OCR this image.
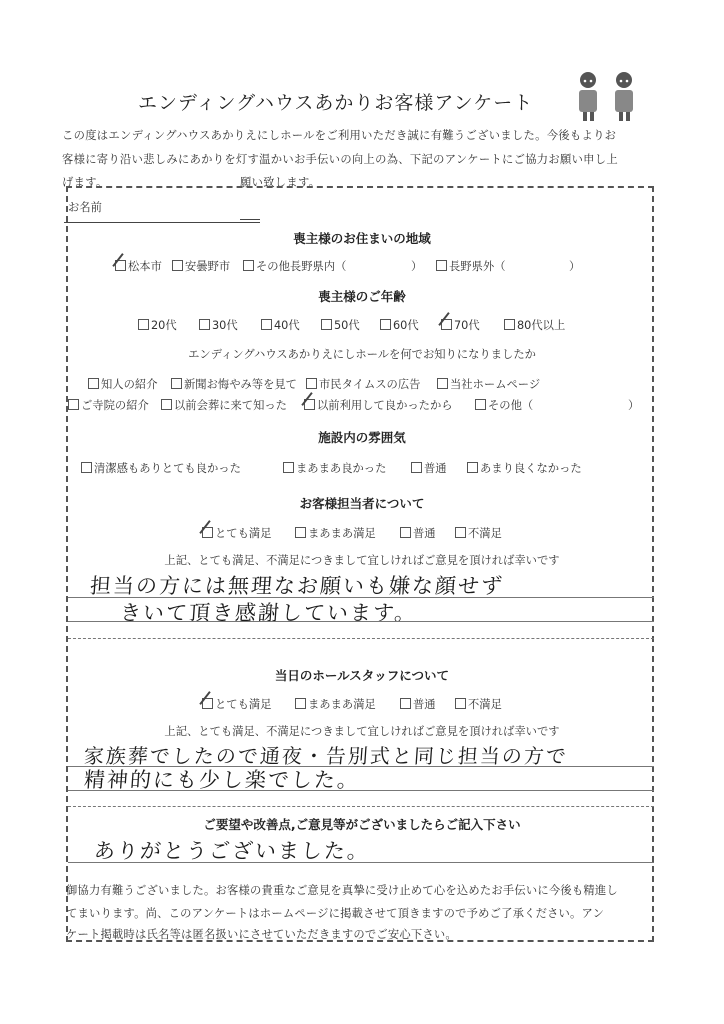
エンディングハウスあかりお客様アンケート
この度はエンディングハウスあかりえにしホールをご利用いただき誠に有難うございました。今後もよりお
客様に寄り沿い悲しみにあかりを灯す温かいお手伝いの向上の為、下記のアンケートにご協力お願い申し上
げます。	願い致します。
お名前
喪主様のお住まいの地域
松本市	安曇野市	その他長野県内（	）	長野県外（	）
喪主様のご年齢
20代	30代	40代	50代	60代	70代	80代以上
エンディングハウスあかりえにしホールを何でお知りになりましたか
知人の紹介	新聞お悔やみ等を見て	市民タイムスの広告	当社ホームページ
ご寺院の紹介	以前会葬に来て知った	以前利用して良かったから	その他（	）
施設内の雰囲気
清潔感もありとても良かった	まあまあ良かった	普通	あまり良くなかった
お客様担当者について
とても満足	まあまあ満足	普通	不満足
上記、とても満足、不満足につきまして宜しければご意見を頂ければ幸いです
担当の方には無理なお願いも嫌な顔せず
きいて頂き感謝しています。
当日のホールスタッフについて
とても満足	まあまあ満足	普通	不満足
上記、とても満足、不満足につきまして宜しければご意見を頂ければ幸いです
家族葬でしたので通夜・告別式と同じ担当の方で
精神的にも少し楽でした。
ご要望や改善点,ご意見等がございましたらご記入下さい
ありがとうございました。
御協力有難うございました。お客様の貴重なご意見を真摯に受け止めて心を込めたお手伝いに今後も精進し
てまいります。尚、このアンケートはホームページに掲載させて頂きますので予めご了承ください。アン
ケート掲載時は氏名等は匿名扱いにさせていただきますのでご安心下さい。
